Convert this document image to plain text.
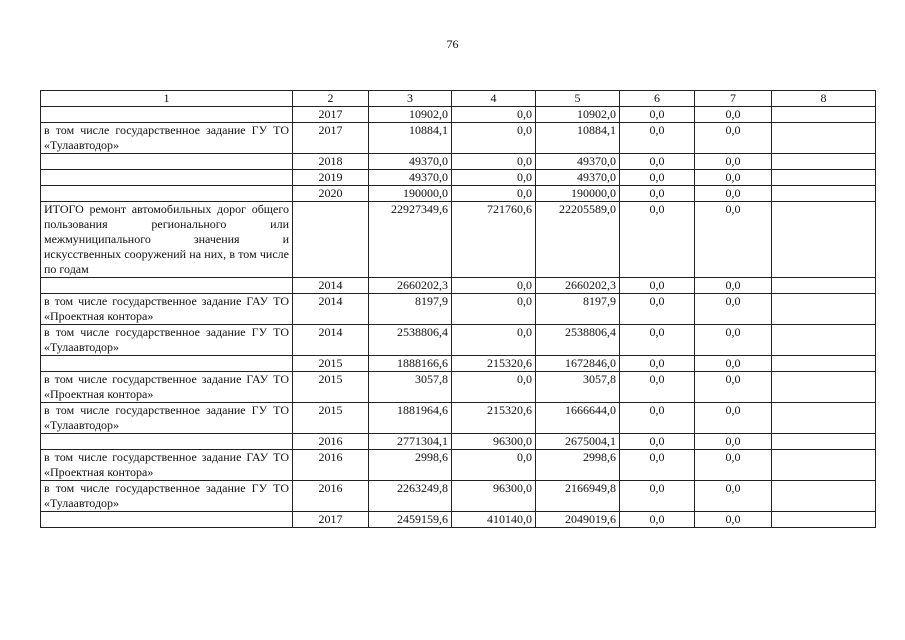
76
1	2	3	4	5	6	7	8
	2017	10902,0	0,0	10902,0	0,0	0,0	
в том числе государственное задание ГУ ТО «Тулаавтодор»	2017	10884,1	0,0	10884,1	0,0	0,0	
	2018	49370,0	0,0	49370,0	0,0	0,0	
	2019	49370,0	0,0	49370,0	0,0	0,0	
	2020	190000,0	0,0	190000,0	0,0	0,0	
ИТОГО ремонт автомобильных дорог общего пользования регионального или межмуниципального значения и искусственных сооружений на них, в том числе по годам		22927349,6	721760,6	22205589,0	0,0	0,0	
	2014	2660202,3	0,0	2660202,3	0,0	0,0	
в том числе государственное задание ГАУ ТО «Проектная контора»	2014	8197,9	0,0	8197,9	0,0	0,0	
в том числе государственное задание ГУ ТО «Тулаавтодор»	2014	2538806,4	0,0	2538806,4	0,0	0,0	
	2015	1888166,6	215320,6	1672846,0	0,0	0,0	
в том числе государственное задание ГАУ ТО «Проектная контора»	2015	3057,8	0,0	3057,8	0,0	0,0	
в том числе государственное задание ГУ ТО «Тулаавтодор»	2015	1881964,6	215320,6	1666644,0	0,0	0,0	
	2016	2771304,1	96300,0	2675004,1	0,0	0,0	
в том числе государственное задание ГАУ ТО «Проектная контора»	2016	2998,6	0,0	2998,6	0,0	0,0	
в том числе государственное задание ГУ ТО «Тулаавтодор»	2016	2263249,8	96300,0	2166949,8	0,0	0,0	
	2017	2459159,6	410140,0	2049019,6	0,0	0,0	
